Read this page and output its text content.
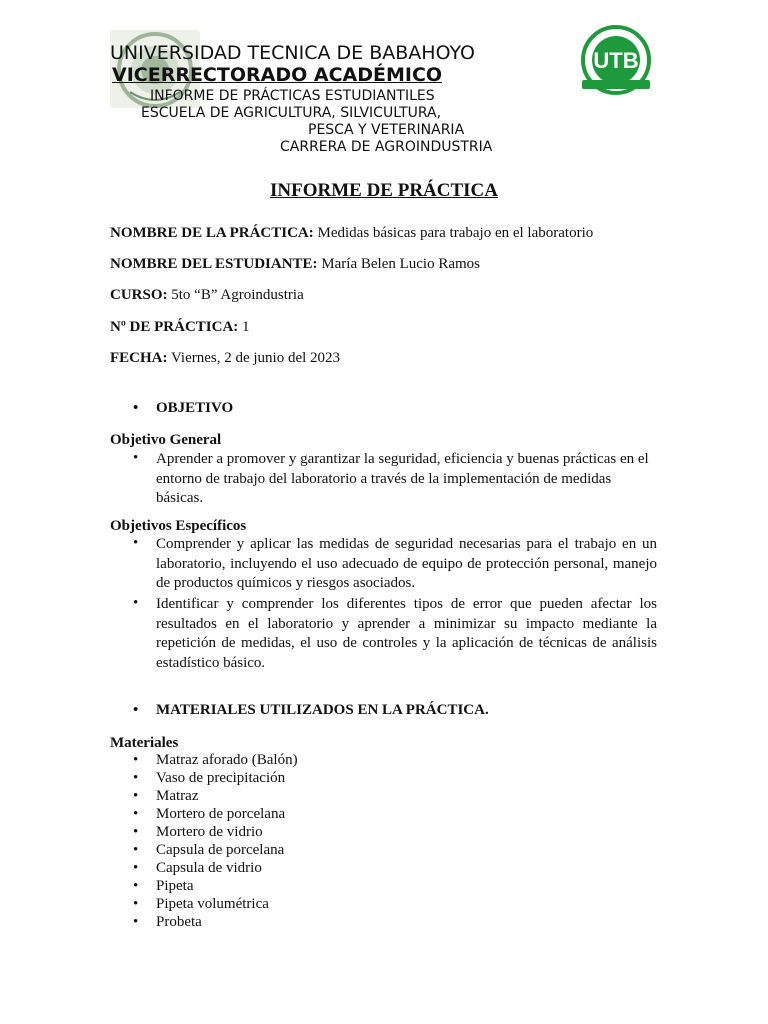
UNIVERSIDAD TECNICA DE BABAHOYO
VICERRECTORADO ACADÉMICO
INFORME DE PRÁCTICAS ESTUDIANTILES
ESCUELA DE AGRICULTURA, SILVICULTURA,
PESCA Y VETERINARIA
CARRERA DE AGROINDUSTRIA
UTB
INFORME DE PRÁCTICA
NOMBRE DE LA PRÁCTICA: Medidas básicas para trabajo en el laboratorio
NOMBRE DEL ESTUDIANTE: María Belen Lucio Ramos
CURSO: 5to “B” Agroindustria
Nº DE PRÁCTICA: 1
FECHA: Viernes, 2 de junio del 2023
• OBJETIVO
Objetivo General
• Aprender a promover y garantizar la seguridad, eficiencia y buenas prácticas en el entorno de trabajo del laboratorio a través de la implementación de medidas básicas.
Objetivos Específicos
• Comprender y aplicar las medidas de seguridad necesarias para el trabajo en un laboratorio, incluyendo el uso adecuado de equipo de protección personal, manejo de productos químicos y riesgos asociados.
• Identificar y comprender los diferentes tipos de error que pueden afectar los resultados en el laboratorio y aprender a minimizar su impacto mediante la repetición de medidas, el uso de controles y la aplicación de técnicas de análisis estadístico básico.
• MATERIALES UTILIZADOS EN LA PRÁCTICA.
Materiales
• Matraz aforado (Balón)
• Vaso de precipitación
• Matraz
• Mortero de porcelana
• Mortero de vidrio
• Capsula de porcelana
• Capsula de vidrio
• Pipeta
• Pipeta volumétrica
• Probeta
